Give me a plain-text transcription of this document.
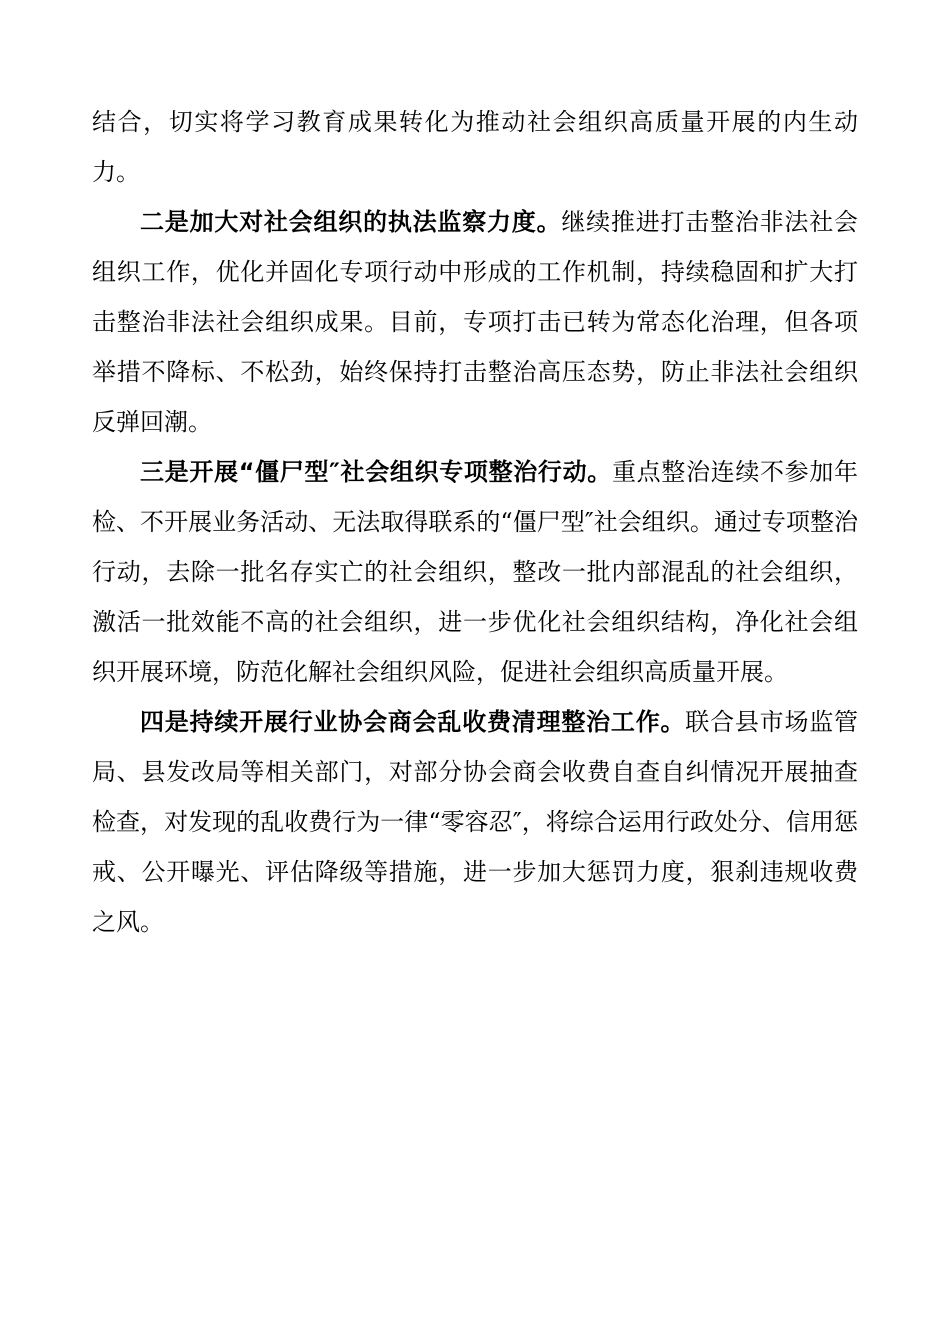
结合，切实将学习教育成果转化为推动社会组织高质量开展的内生动力。

二是加大对社会组织的执法监察力度。继续推进打击整治非法社会组织工作，优化并固化专项行动中形成的工作机制，持续稳固和扩大打击整治非法社会组织成果。目前，专项打击已转为常态化治理，但各项举措不降标、不松劲，始终保持打击整治高压态势，防止非法社会组织反弹回潮。

三是开展“僵尸型″社会组织专项整治行动。重点整治连续不参加年检、不开展业务活动、无法取得联系的“僵尸型″社会组织。通过专项整治行动，去除一批名存实亡的社会组织，整改一批内部混乱的社会组织，激活一批效能不高的社会组织，进一步优化社会组织结构，净化社会组织开展环境，防范化解社会组织风险，促进社会组织高质量开展。

四是持续开展行业协会商会乱收费清理整治工作。联合县市场监管局、县发改局等相关部门，对部分协会商会收费自查自纠情况开展抽查检查，对发现的乱收费行为一律“零容忍″，将综合运用行政处分、信用惩戒、公开曝光、评估降级等措施，进一步加大惩罚力度，狠刹违规收费之风。
